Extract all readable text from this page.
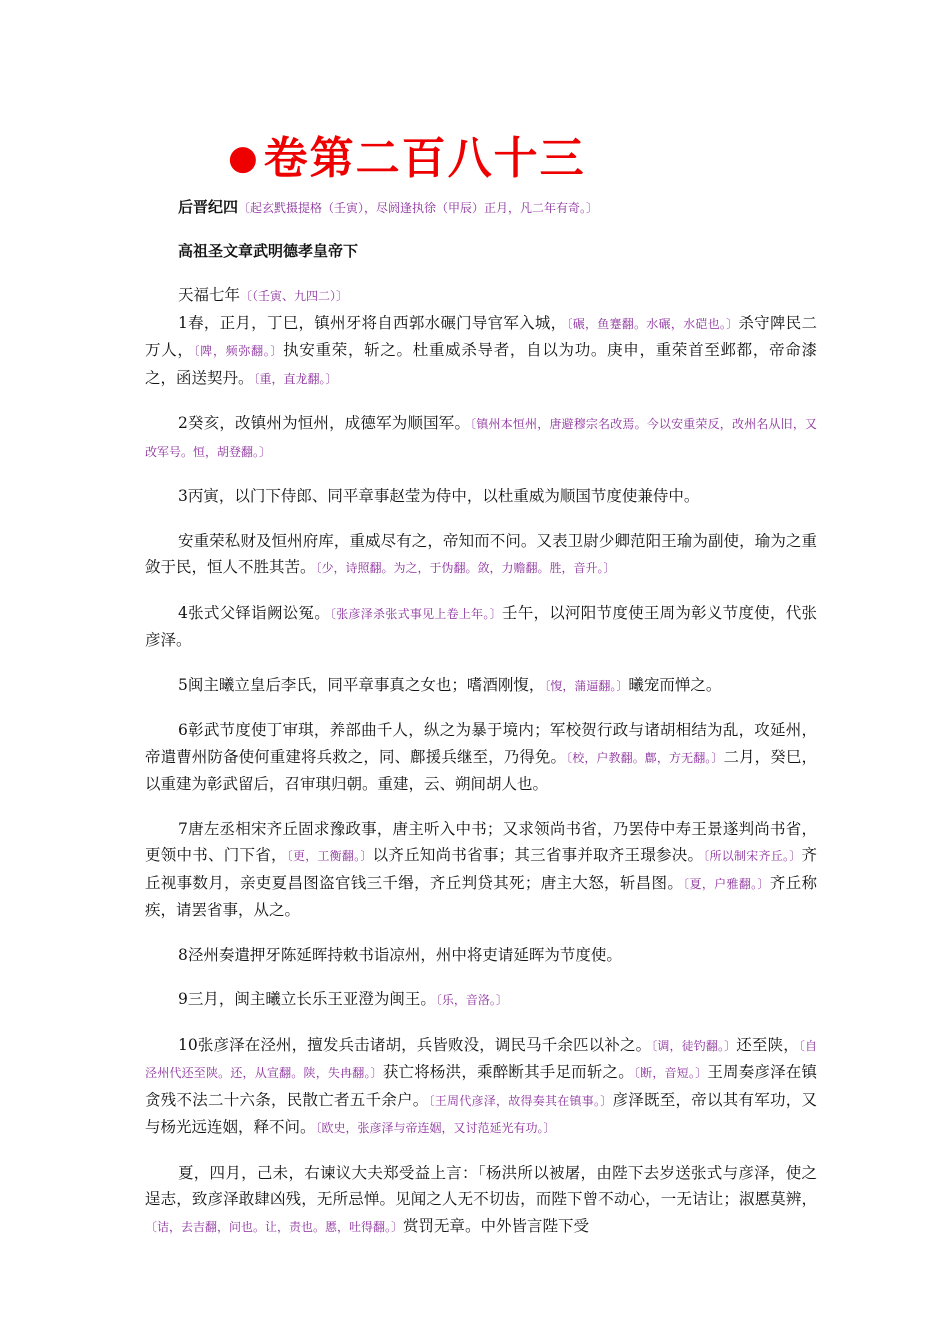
●卷第二百八十三
后晋纪四〔起玄黓摄提格（壬寅），尽阏逢执徐（甲辰）正月，凡二年有奇。〕
高祖圣文章武明德孝皇帝下

天福七年〔（壬寅、九四二）〕

1春，正月，丁巳，镇州牙将自西郭水碾门导官军入城，〔碾，鱼蹇翻。水碾，水硙也。〕杀守陴民二万人，〔陴，频弥翻。〕执安重荣，斩之。杜重威杀导者，自以为功。庚申，重荣首至邺都，帝命漆之，函送契丹。〔重，直龙翻。〕

2癸亥，改镇州为恒州，成德军为顺国军。〔镇州本恒州，唐避穆宗名改焉。今以安重荣反，改州名从旧，又改军号。恒，胡登翻。〕

3丙寅，以门下侍郎、同平章事赵莹为侍中，以杜重威为顺国节度使兼侍中。

安重荣私财及恒州府库，重威尽有之，帝知而不问。又表卫尉少卿范阳王瑜为副使，瑜为之重敛于民，恒人不胜其苦。〔少，诗照翻。为之，于伪翻。敛，力赡翻。胜，音升。〕

4张式父铎诣阙讼冤。〔张彦泽杀张式事见上卷上年。〕壬午，以河阳节度使王周为彰义节度使，代张彦泽。

5闽主曦立皇后李氏，同平章事真之女也；嗜酒刚愎，〔愎，蒲逼翻。〕曦宠而惮之。

6彰武节度使丁审琪，养部曲千人，纵之为暴于境内；军校贺行政与诸胡相结为乱，攻延州，帝遣曹州防备使何重建将兵救之，同、鄜援兵继至，乃得免。〔校，户教翻。鄜，方无翻。〕二月，癸巳，以重建为彰武留后，召审琪归朝。重建，云、朔间胡人也。

7唐左丞相宋齐丘固求豫政事，唐主听入中书；又求领尚书省，乃罢侍中寿王景遂判尚书省，更领中书、门下省，〔更，工衡翻。〕以齐丘知尚书省事；其三省事并取齐王璟参决。〔所以制宋齐丘。〕齐丘视事数月，亲吏夏昌图盗官钱三千缗，齐丘判贷其死；唐主大怒，斩昌图。〔夏，户雅翻。〕齐丘称疾，请罢省事，从之。

8泾州奏遣押牙陈延晖持敕书诣凉州，州中将吏请延晖为节度使。

9三月，闽主曦立长乐王亚澄为闽王。〔乐，音洛。〕

10张彦泽在泾州，擅发兵击诸胡，兵皆败没，调民马千余匹以补之。〔调，徒钓翻。〕还至陕，〔自泾州代还至陕。还，从宣翻。陕，失冉翻。〕获亡将杨洪，乘醉断其手足而斩之。〔断，音短。〕王周奏彦泽在镇贪残不法二十六条，民散亡者五千余户。〔王周代彦泽，故得奏其在镇事。〕彦泽既至，帝以其有军功，又与杨光远连姻，释不问。〔欧史，张彦泽与帝连姻，又讨范延光有功。〕

夏，四月，己未，右谏议大夫郑受益上言：「杨洪所以被屠，由陛下去岁送张式与彦泽，使之逞志，致彦泽敢肆凶残，无所忌惮。见闻之人无不切齿，而陛下曾不动心，一无诘让；淑慝莫辨，〔诘，去吉翻，问也。让，责也。慝，吐得翻。〕赏罚无章。中外皆言陛下受
